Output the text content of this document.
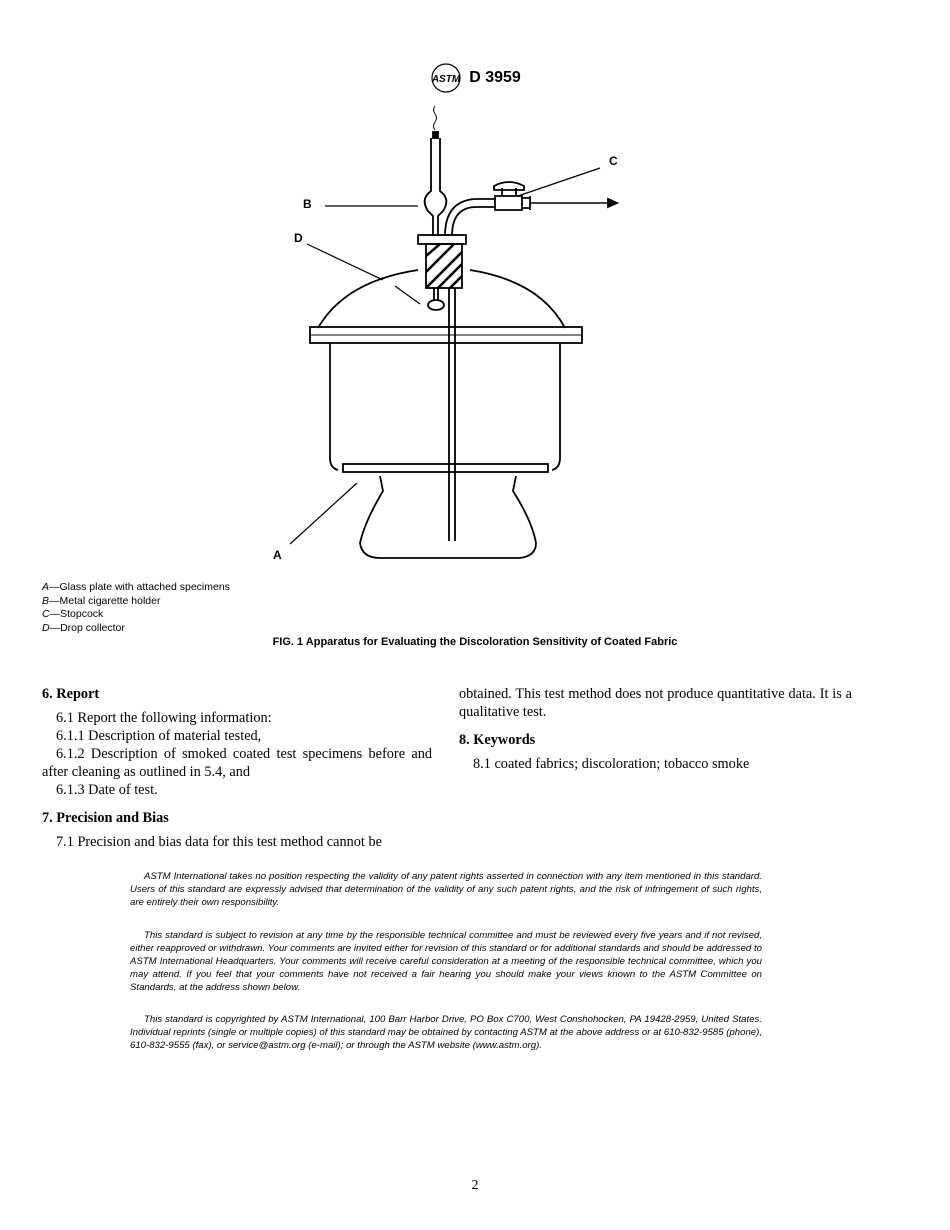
ASTM D 3959
B
C
D
A
A—Glass plate with attached specimens
B—Metal cigarette holder
C—Stopcock
D—Drop collector
FIG. 1 Apparatus for Evaluating the Discoloration Sensitivity of Coated Fabric

6. Report

6.1 Report the following information:

6.1.1 Description of material tested,

6.1.2 Description of smoked coated test specimens before and after cleaning as outlined in 5.4, and

6.1.3 Date of test.

7. Precision and Bias

7.1 Precision and bias data for this test method cannot be

obtained. This test method does not produce quantitative data. It is a qualitative test.

8. Keywords

8.1 coated fabrics; discoloration; tobacco smoke

ASTM International takes no position respecting the validity of any patent rights asserted in connection with any item mentioned in this standard. Users of this standard are expressly advised that determination of the validity of any such patent rights, and the risk of infringement of such rights, are entirely their own responsibility.

This standard is subject to revision at any time by the responsible technical committee and must be reviewed every five years and if not revised, either reapproved or withdrawn. Your comments are invited either for revision of this standard or for additional standards and should be addressed to ASTM International Headquarters. Your comments will receive careful consideration at a meeting of the responsible technical committee, which you may attend. If you feel that your comments have not received a fair hearing you should make your views known to the ASTM Committee on Standards, at the address shown below.

This standard is copyrighted by ASTM International, 100 Barr Harbor Drive, PO Box C700, West Conshohocken, PA 19428-2959, United States. Individual reprints (single or multiple copies) of this standard may be obtained by contacting ASTM at the above address or at 610-832-9585 (phone), 610-832-9555 (fax), or service@astm.org (e-mail); or through the ASTM website (www.astm.org).

2
